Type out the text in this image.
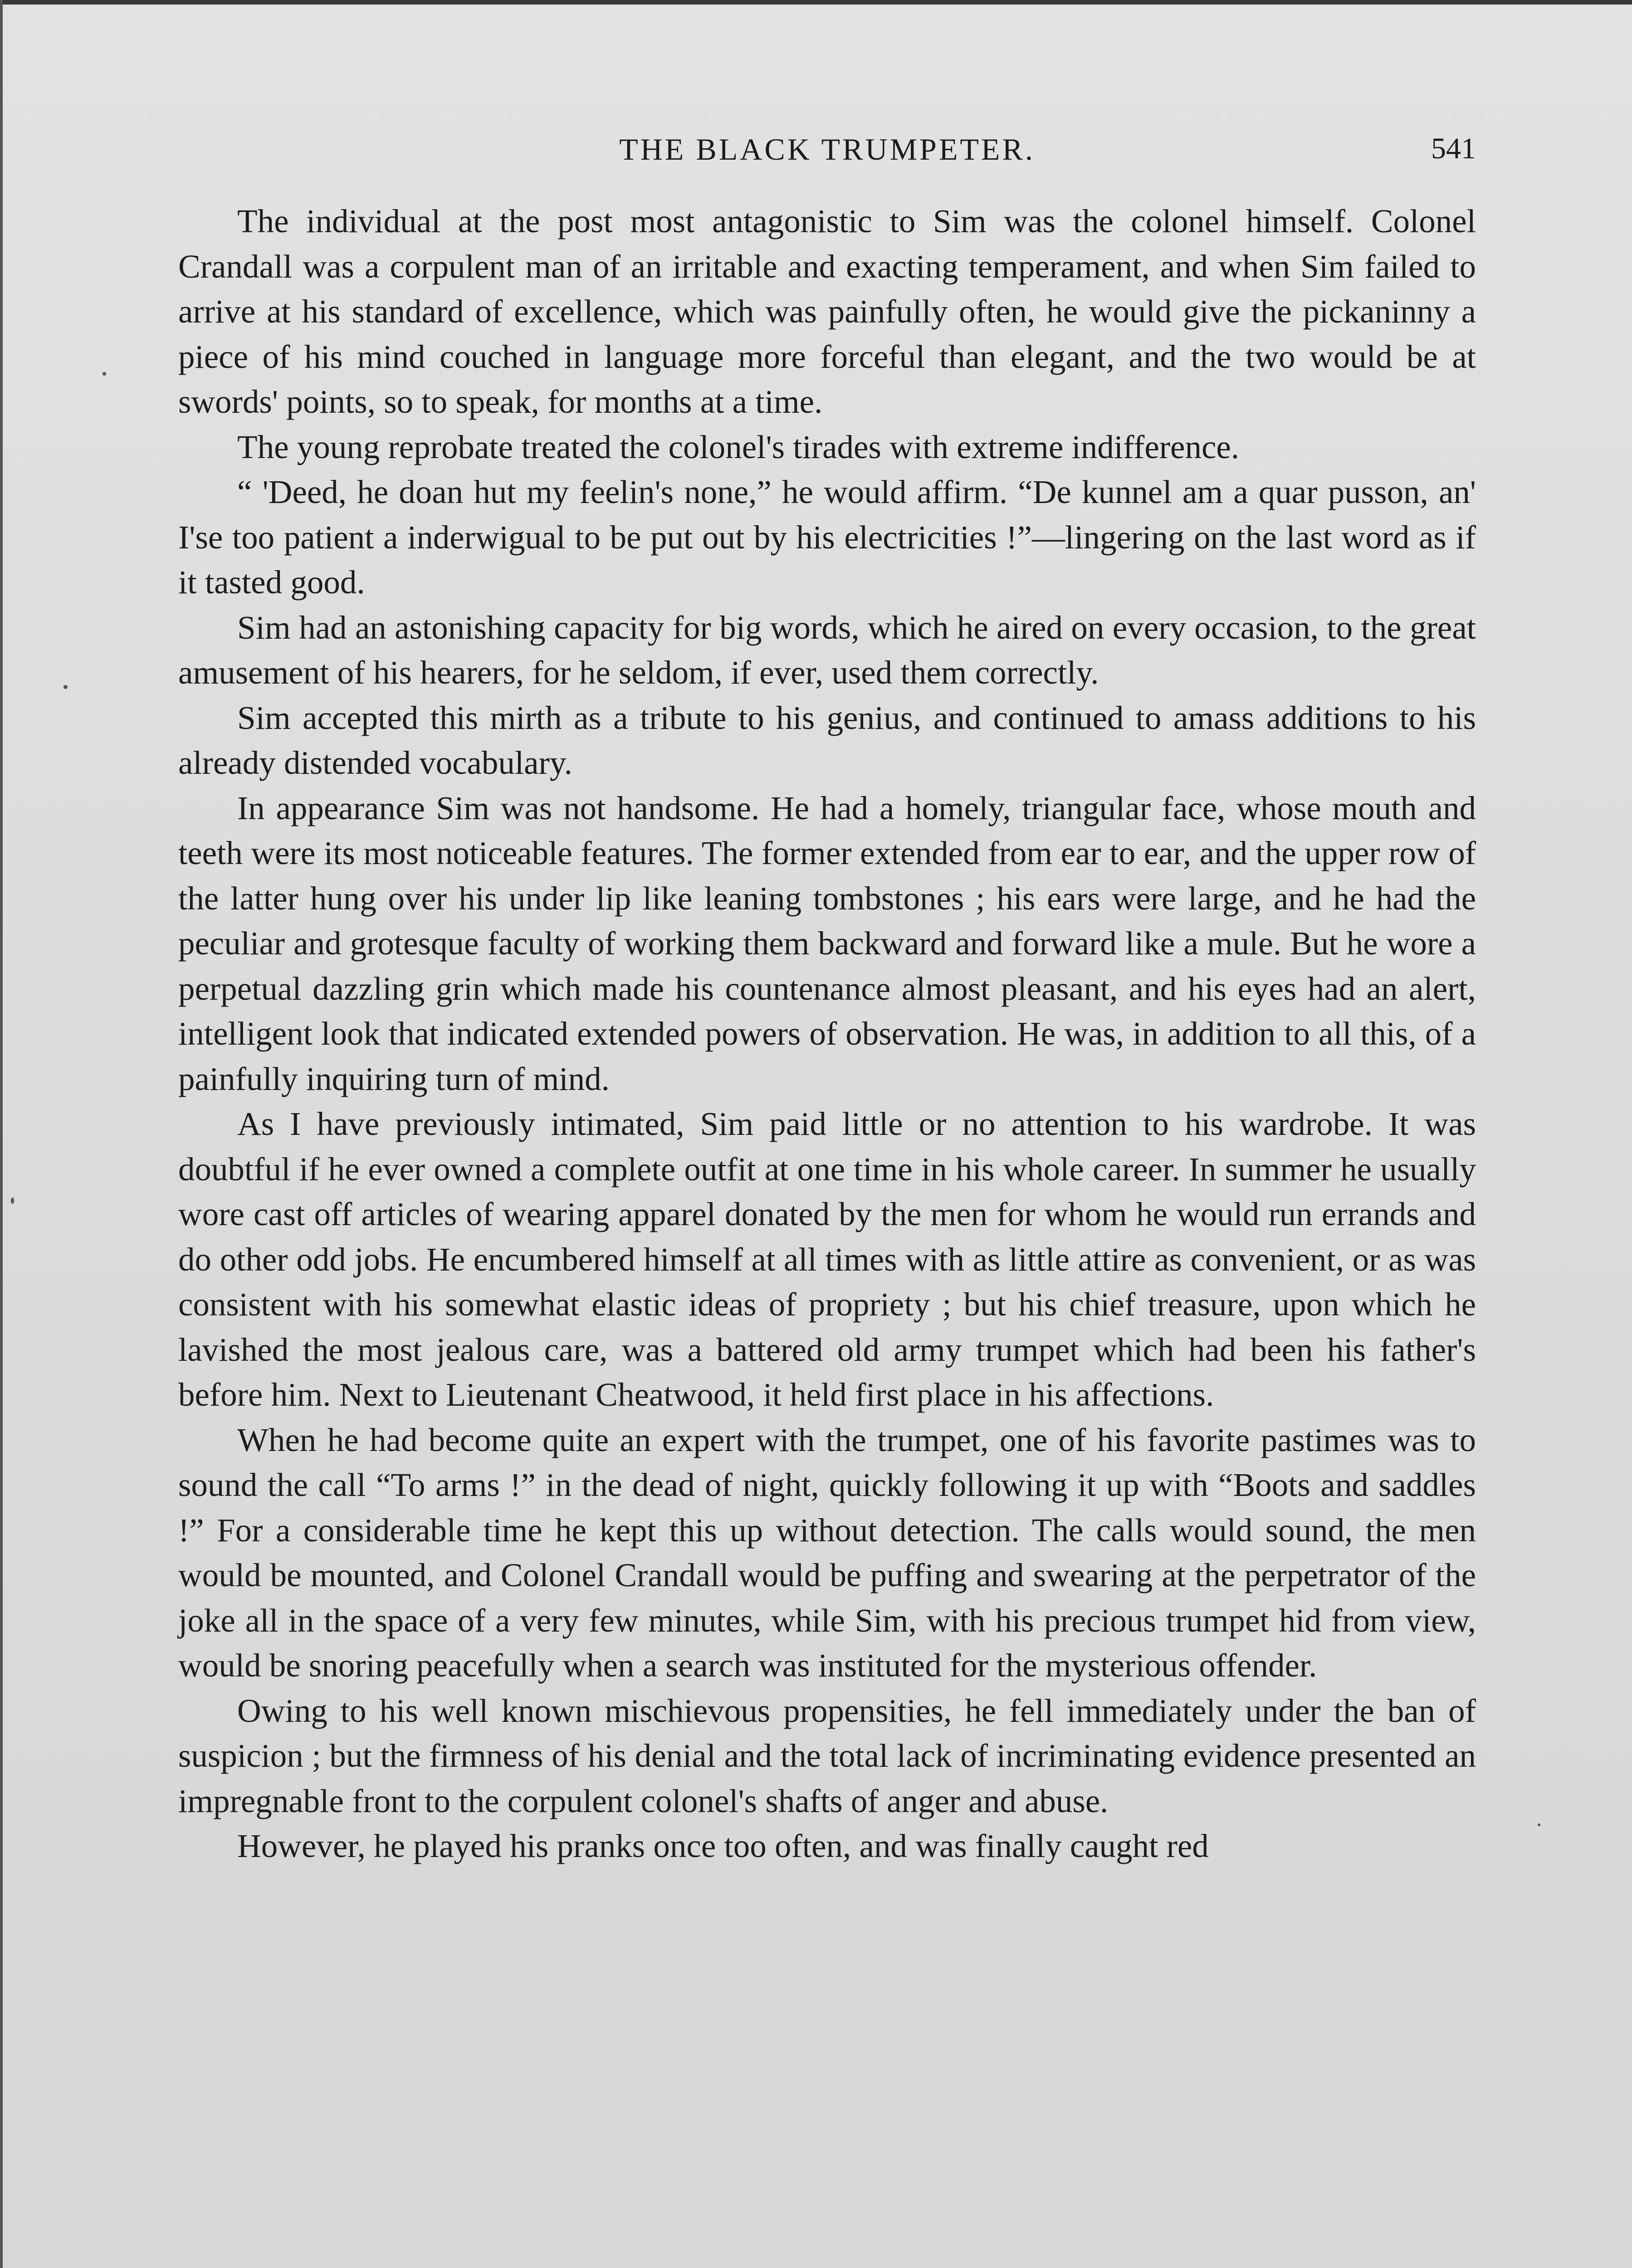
THE BLACK TRUMPETER.	541

The individual at the post most antagonistic to Sim was the colonel himself. Colonel Crandall was a corpulent man of an irritable and exacting temperament, and when Sim failed to arrive at his standard of excellence, which was painfully often, he would give the pickaninny a piece of his mind couched in language more forceful than elegant, and the two would be at swords' points, so to speak, for months at a time.

The young reprobate treated the colonel's tirades with extreme indifference.

“ 'Deed, he doan hut my feelin's none,” he would affirm. “De kunnel am a quar pusson, an' I'se too patient a inderwigual to be put out by his electricities !”—lingering on the last word as if it tasted good.

Sim had an astonishing capacity for big words, which he aired on every occasion, to the great amusement of his hearers, for he seldom, if ever, used them correctly.

Sim accepted this mirth as a tribute to his genius, and continued to amass additions to his already distended vocabulary.

In appearance Sim was not handsome. He had a homely, triangular face, whose mouth and teeth were its most noticeable features. The former extended from ear to ear, and the upper row of the latter hung over his under lip like leaning tombstones ; his ears were large, and he had the peculiar and grotesque faculty of working them backward and forward like a mule. But he wore a perpetual dazzling grin which made his countenance almost pleasant, and his eyes had an alert, intelligent look that indicated extended powers of observation. He was, in addition to all this, of a painfully inquiring turn of mind.

As I have previously intimated, Sim paid little or no attention to his wardrobe. It was doubtful if he ever owned a complete outfit at one time in his whole career. In summer he usually wore cast off articles of wearing apparel donated by the men for whom he would run errands and do other odd jobs. He encumbered himself at all times with as little attire as convenient, or as was consistent with his somewhat elastic ideas of propriety ; but his chief treasure, upon which he lavished the most jealous care, was a battered old army trumpet which had been his father's before him. Next to Lieutenant Cheatwood, it held first place in his affections.

When he had become quite an expert with the trumpet, one of his favorite pastimes was to sound the call “To arms !” in the dead of night, quickly following it up with “Boots and saddles !” For a considerable time he kept this up without detection. The calls would sound, the men would be mounted, and Colonel Crandall would be puffing and swearing at the perpetrator of the joke all in the space of a very few minutes, while Sim, with his precious trumpet hid from view, would be snoring peacefully when a search was instituted for the mysterious offender.

Owing to his well known mischievous propensities, he fell immediately under the ban of suspicion ; but the firmness of his denial and the total lack of incriminating evidence presented an impregnable front to the corpulent colonel's shafts of anger and abuse.

However, he played his pranks once too often, and was finally caught red
